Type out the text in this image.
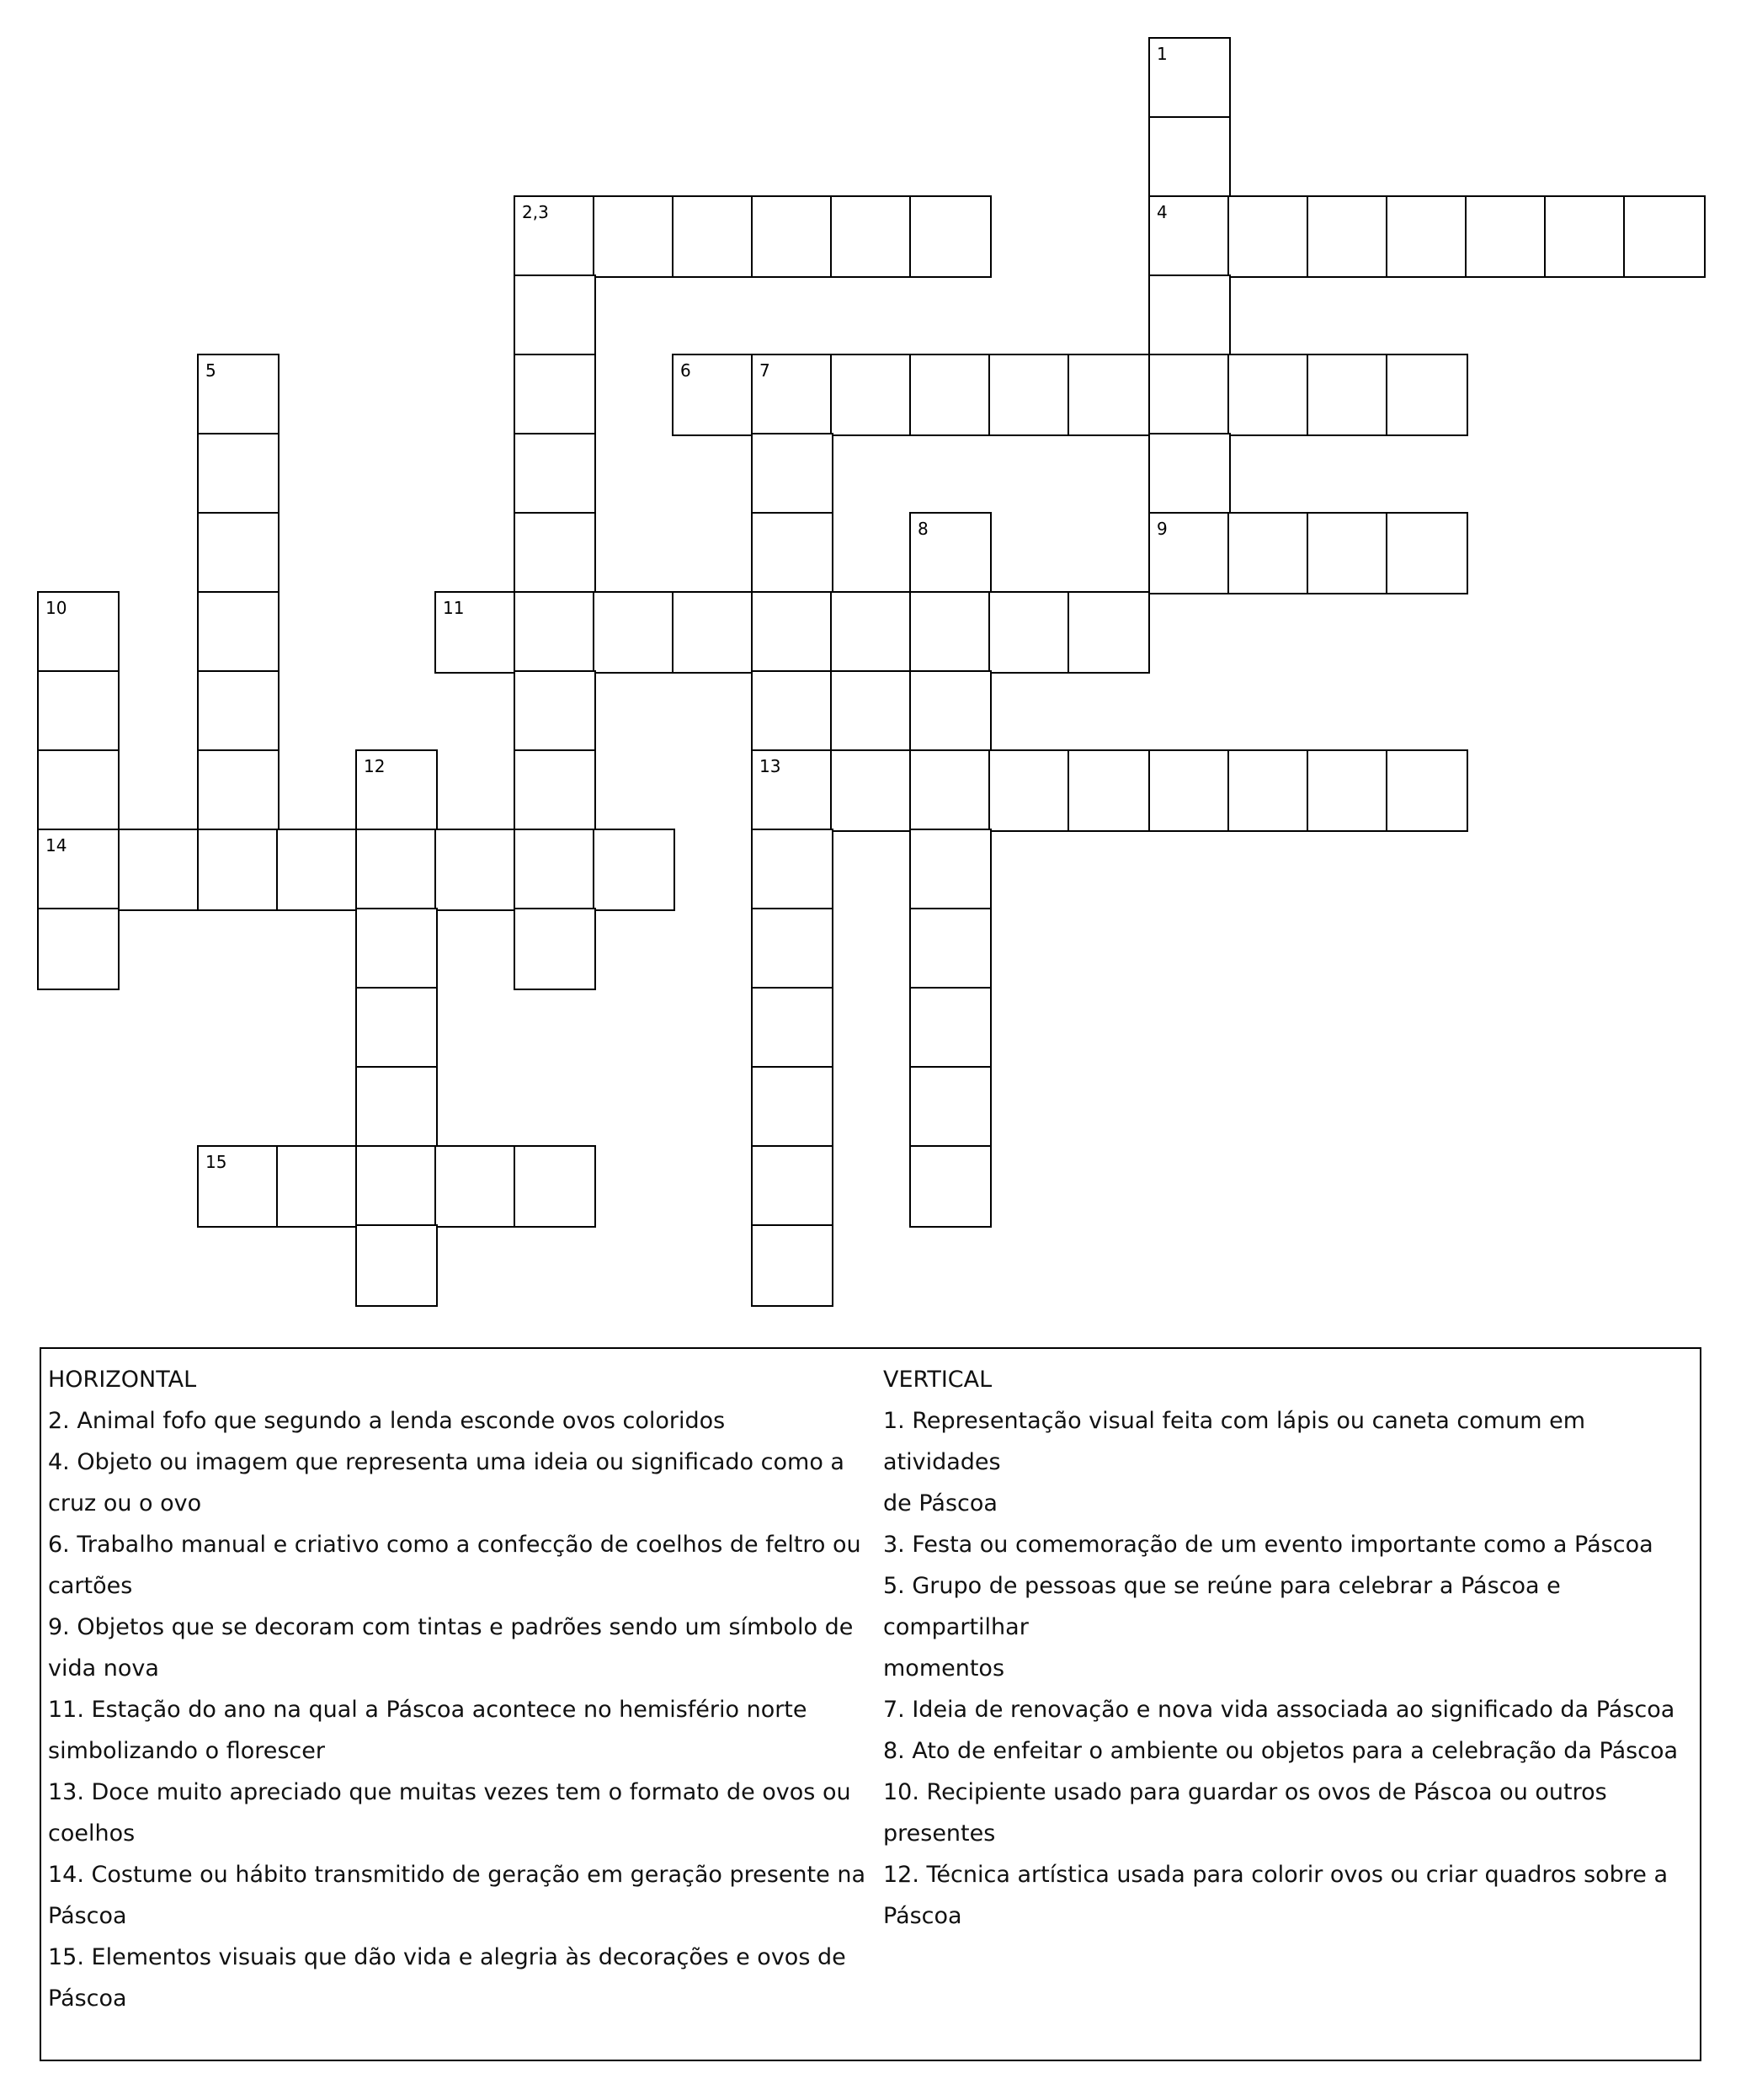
1
2,3	4
5	6	7
8	9
10	11
12	13
14
15
HORIZONTAL
2. Animal fofo que segundo a lenda esconde ovos coloridos
4. Objeto ou imagem que representa uma ideia ou significado como a
cruz ou o ovo
6. Trabalho manual e criativo como a confecção de coelhos de feltro ou
cartões
9. Objetos que se decoram com tintas e padrões sendo um símbolo de
vida nova
11. Estação do ano na qual a Páscoa acontece no hemisfério norte
simbolizando o florescer
13. Doce muito apreciado que muitas vezes tem o formato de ovos ou
coelhos
14. Costume ou hábito transmitido de geração em geração presente na
Páscoa
15. Elementos visuais que dão vida e alegria às decorações e ovos de
Páscoa
VERTICAL
1. Representação visual feita com lápis ou caneta comum em atividades
de Páscoa
3. Festa ou comemoração de um evento importante como a Páscoa
5. Grupo de pessoas que se reúne para celebrar a Páscoa e compartilhar
momentos
7. Ideia de renovação e nova vida associada ao significado da Páscoa
8. Ato de enfeitar o ambiente ou objetos para a celebração da Páscoa
10. Recipiente usado para guardar os ovos de Páscoa ou outros
presentes
12. Técnica artística usada para colorir ovos ou criar quadros sobre a
Páscoa
